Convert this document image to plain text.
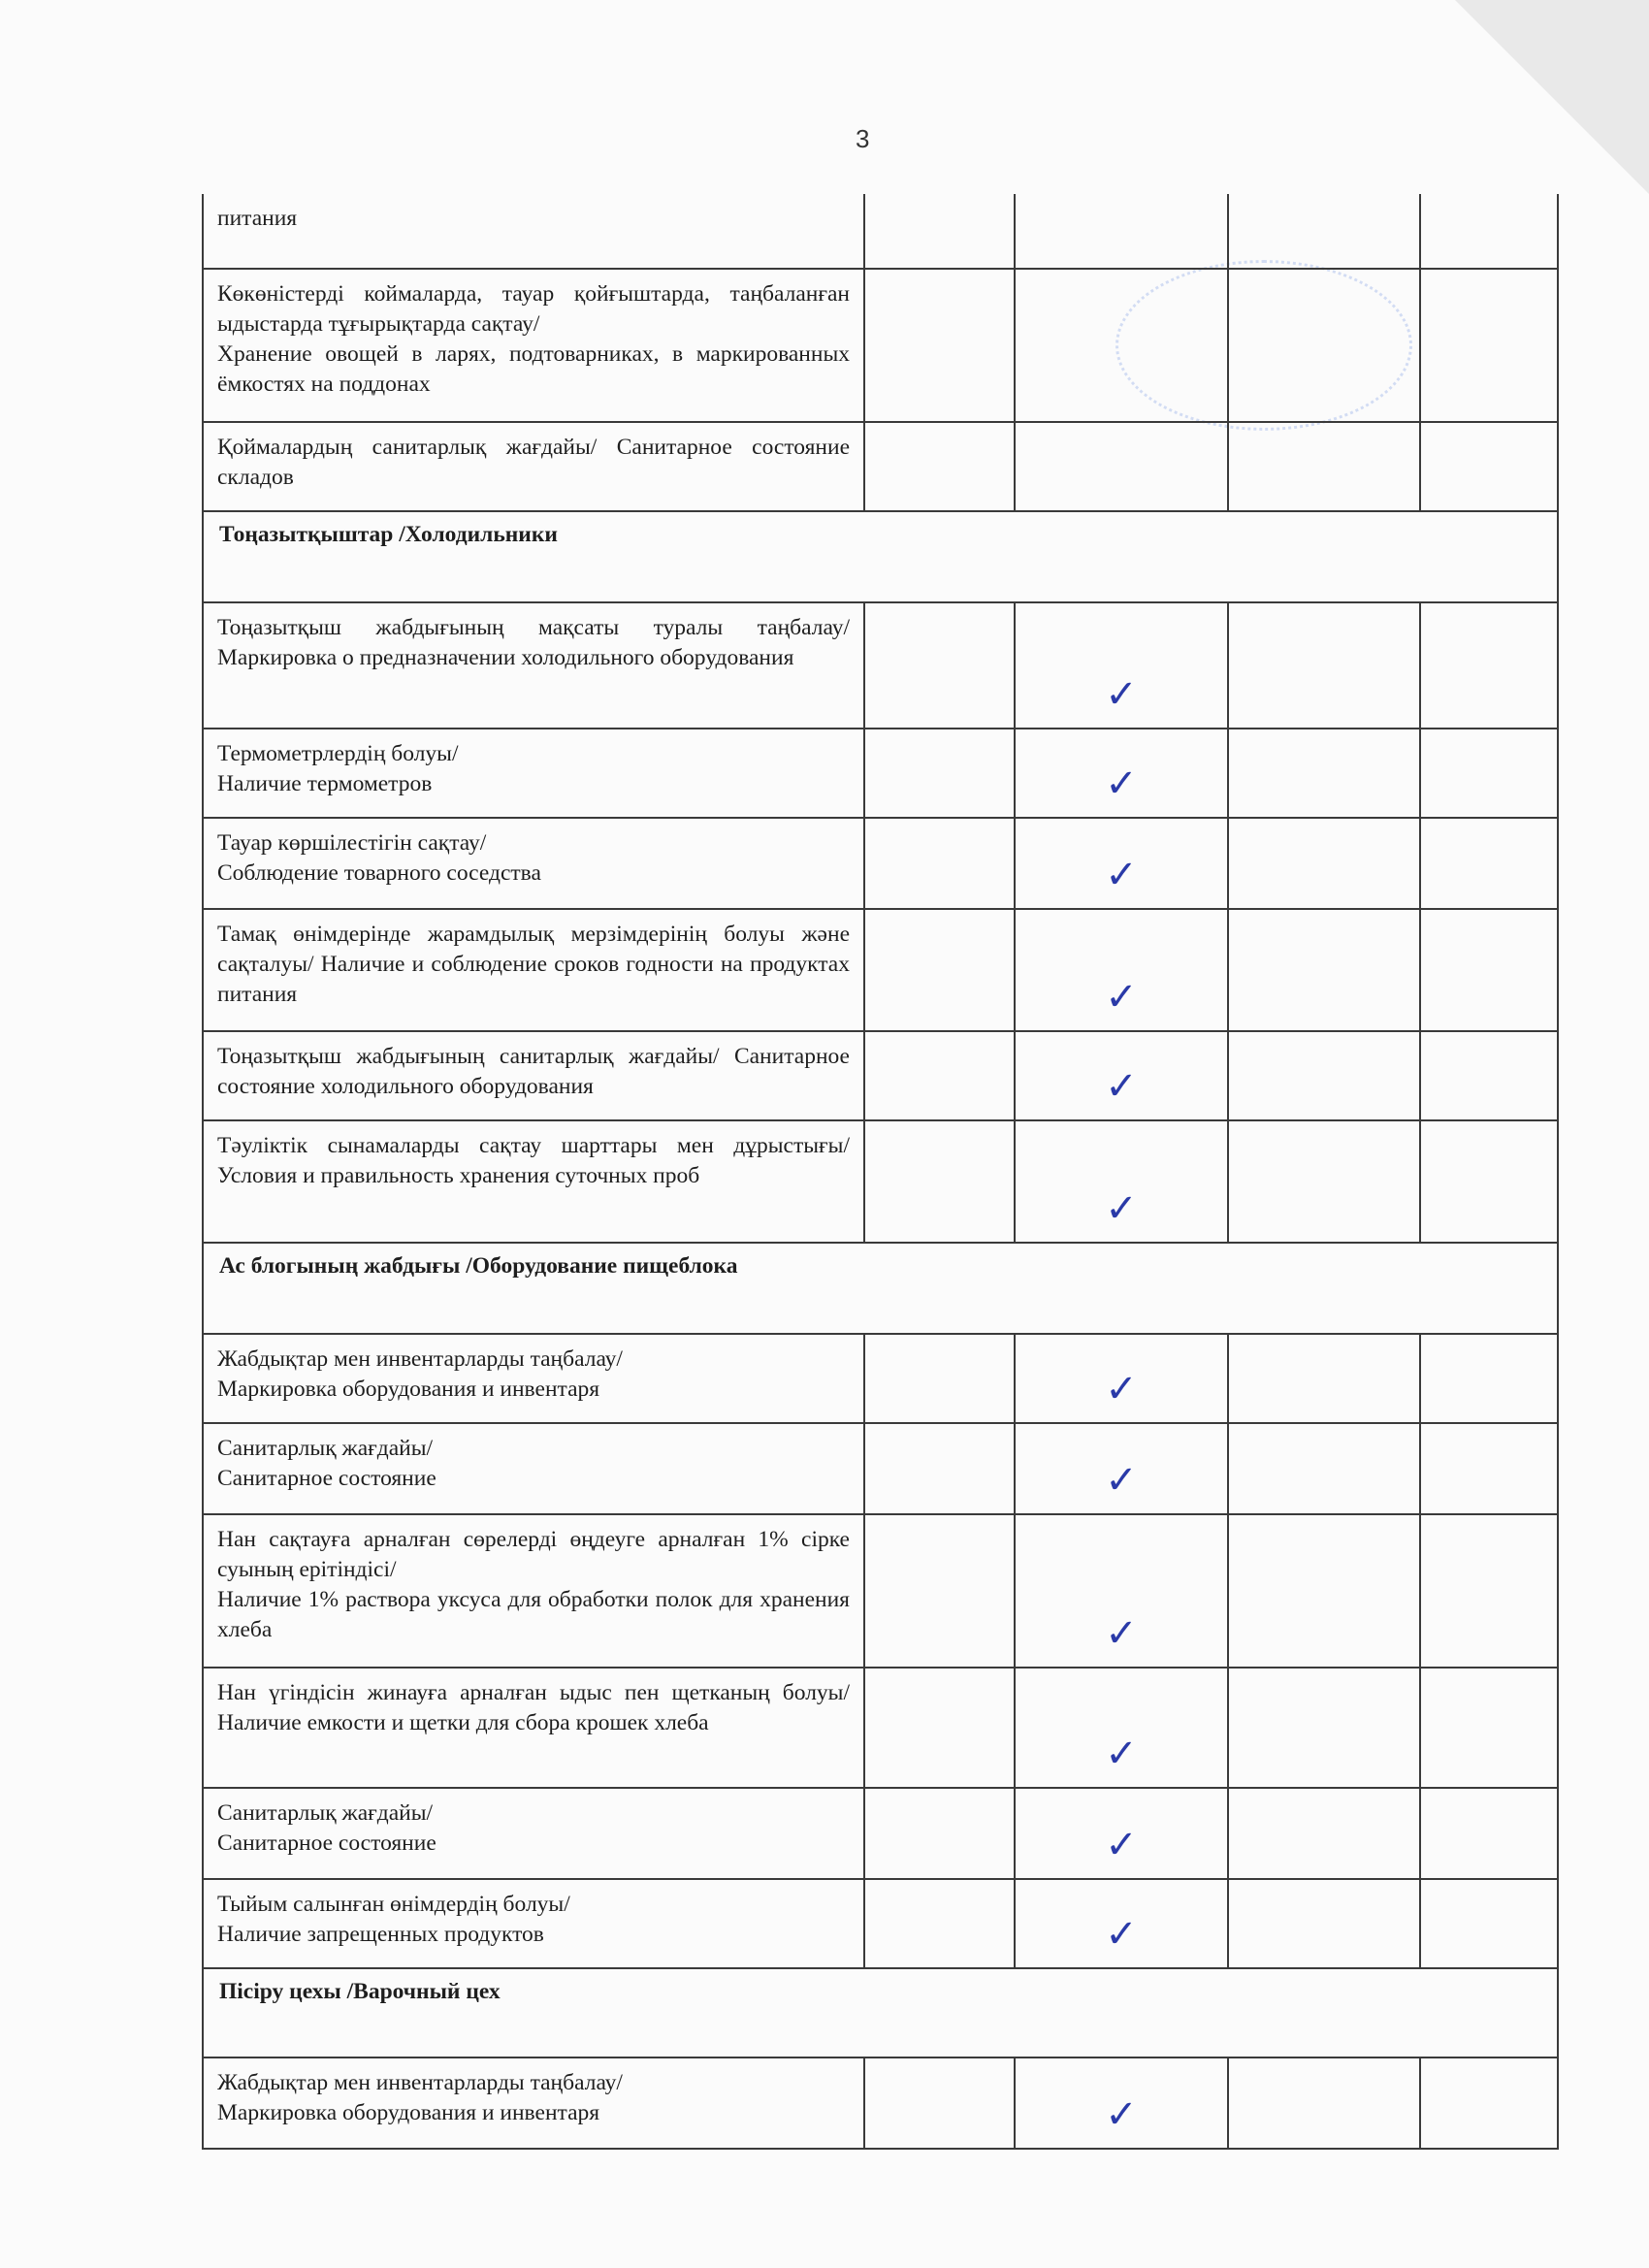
3
питания				

Көкөністерді коймаларда, тауар қойғыштарда, таңбаланған ыдыстарда тұғырықтарда сақтау/
Хранение овощей в ларях, подтоварниках, в маркированных ёмкостях на поддонах				

Қоймалардың санитарлық жағдайы/ Санитарное состояние складов				

Тоңазытқыштар /Холодильники				

Тоңазытқыш жабдығының мақсаты туралы таңбалау/Маркировка о предназначении холодильного оборудования		✓		

Термометрлердің болуы/
Наличие термометров		✓		

Тауар көршілестігін сақтау/
Соблюдение товарного соседства		✓		

Тамақ өнімдерінде жарамдылық мерзімдерінің болуы және сақталуы/ Наличие и соблюдение сроков годности на продуктах питания		✓		

Тоңазытқыш жабдығының санитарлық жағдайы/ Санитарное состояние холодильного оборудования		✓		

Тәуліктік сынамаларды сақтау шарттары мен дұрыстығы/ Условия и правильность хранения суточных проб		✓		

Ас блогының жабдығы /Оборудование пищеблока				

Жабдықтар мен инвентарларды таңбалау/
Маркировка оборудования и инвентаря		✓		

Санитарлық жағдайы/
Санитарное состояние		✓		

Нан сақтауға арналған сөрелерді өңдеуге арналған 1% сірке суының ерітіндісі/
Наличие 1% раствора уксуса для обработки полок для хранения хлеба		✓		

Нан үгіндісін жинауға арналған ыдыс пен щетканың болуы/Наличие емкости и щетки для сбора крошек хлеба		✓		

Санитарлық жағдайы/
Санитарное состояние		✓		

Тыйым салынған өнімдердің болуы/
Наличие запрещенных продуктов		✓		

Пісіру цехы /Варочный цех				

Жабдықтар мен инвентарларды таңбалау/
Маркировка оборудования и инвентаря		✓		
